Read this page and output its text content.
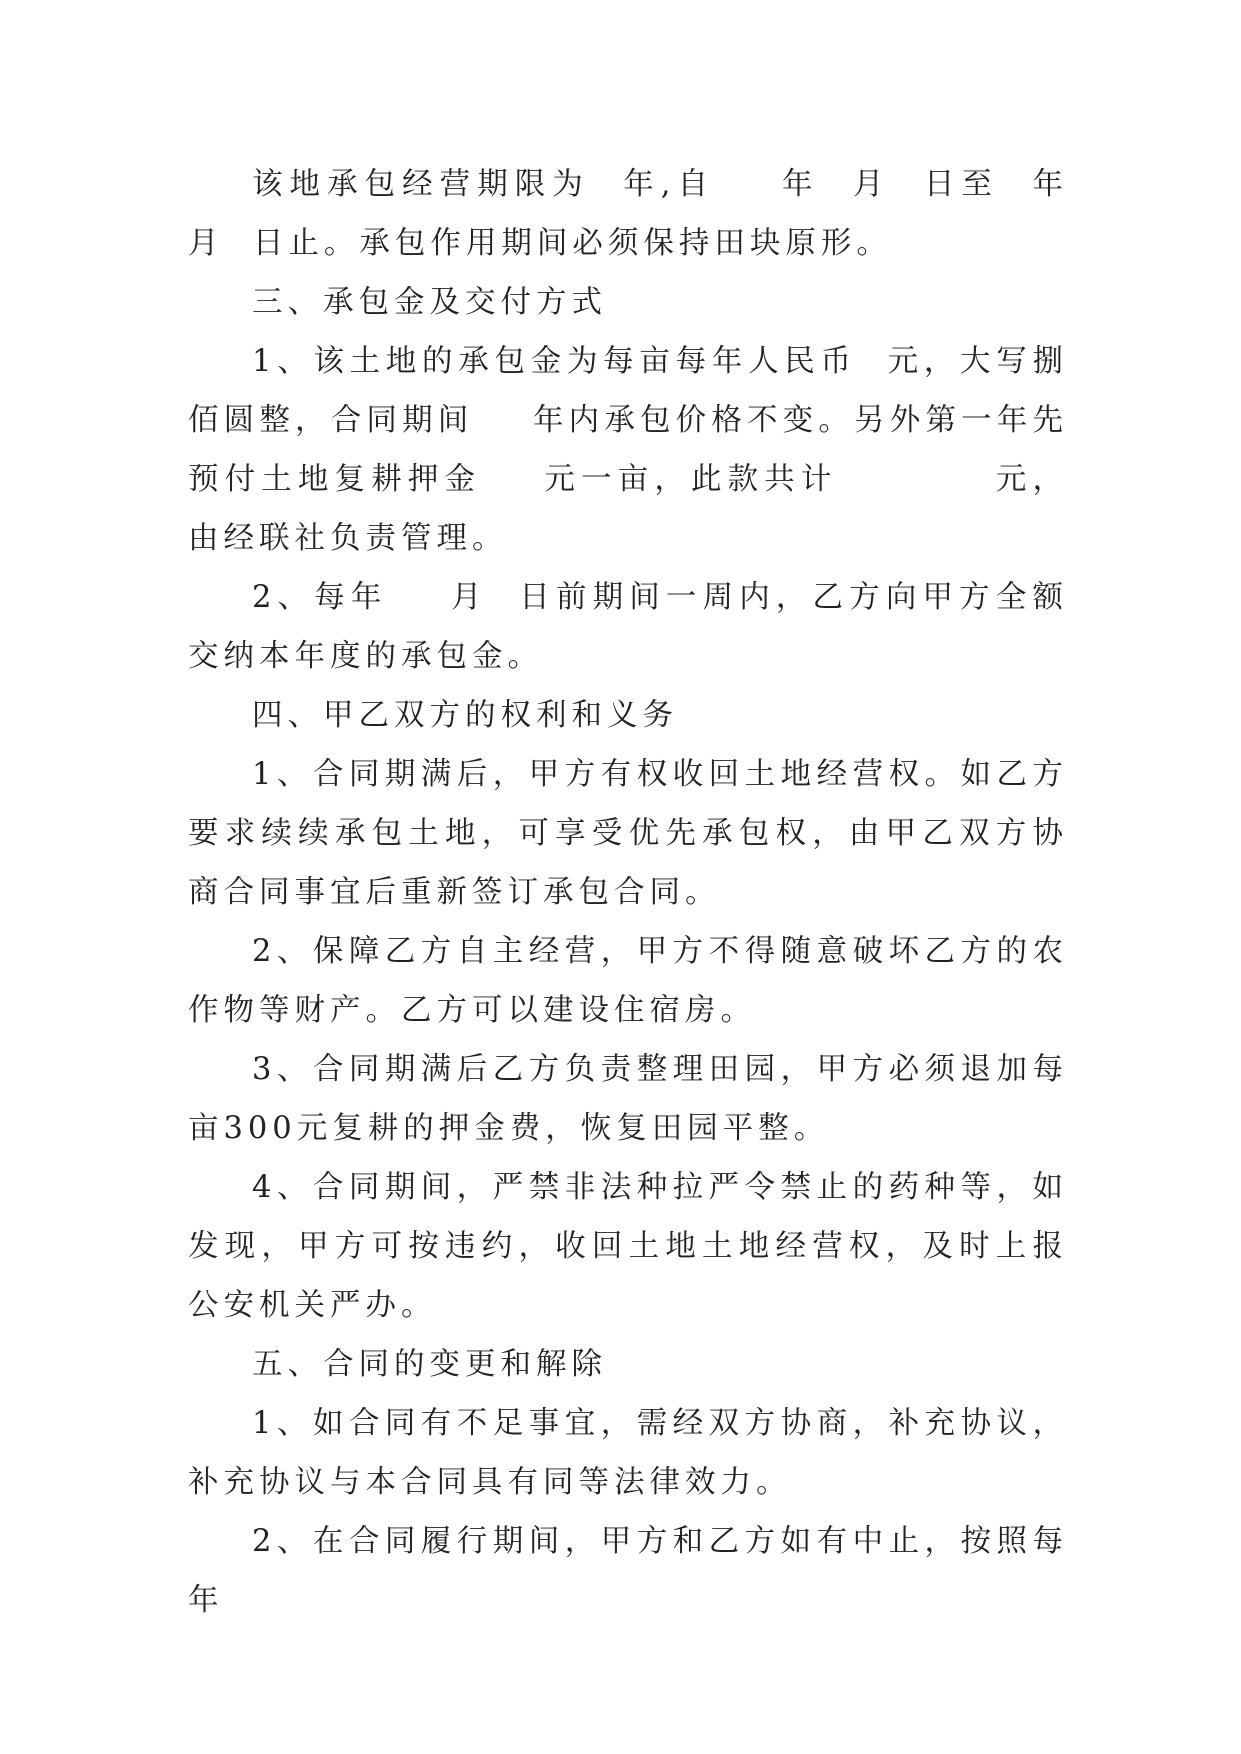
该地承包经营期限为  年,自    年  月  日至  年  月  日止。承包作用期间必须保持田块原形。

三、承包金及交付方式

1、该土地的承包金为每亩每年人民币  元，大写捌佰圆整，合同期间    年内承包价格不变。另外第一年先预付土地复耕押金    元一亩，此款共计          元，由经联社负责管理。

2、每年    月  日前期间一周内，乙方向甲方全额交纳本年度的承包金。

四、甲乙双方的权利和义务

1、合同期满后，甲方有权收回土地经营权。如乙方要求续续承包土地，可享受优先承包权，由甲乙双方协商合同事宜后重新签订承包合同。

2、保障乙方自主经营，甲方不得随意破坏乙方的农作物等财产。乙方可以建设住宿房。

3、合同期满后乙方负责整理田园，甲方必须退加每亩300元复耕的押金费，恢复田园平整。

4、合同期间，严禁非法种拉严令禁止的药种等，如发现，甲方可按违约，收回土地土地经营权，及时上报公安机关严办。

五、合同的变更和解除

1、如合同有不足事宜，需经双方协商，补充协议，补充协议与本合同具有同等法律效力。

2、在合同履行期间，甲方和乙方如有中止，按照每年
